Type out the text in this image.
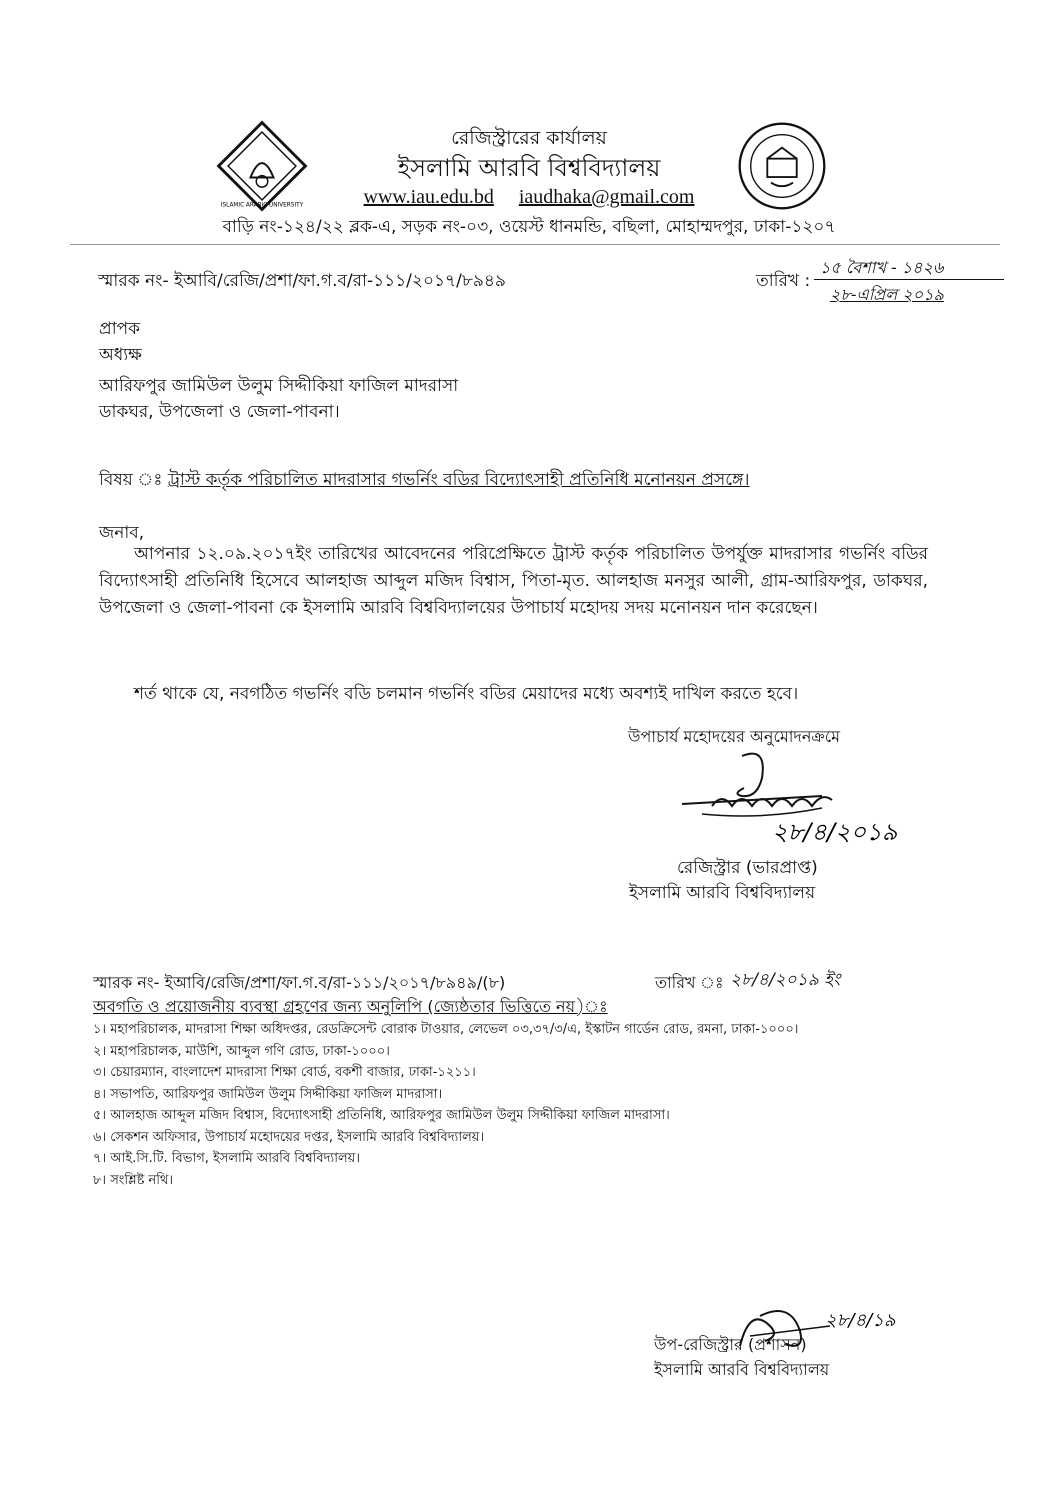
ISLAMIC ARABIC UNIVERSITY
রেজিস্ট্রারের কার্যালয়
ইসলামি আরবি বিশ্ববিদ্যালয়
www.iau.edu.bd iaudhaka@gmail.com
বাড়ি নং-১২৪/২২ ব্লক-এ, সড়ক নং-০৩, ওয়েস্ট ধানমন্ডি, বছিলা, মোহাম্মদপুর, ঢাকা-১২০৭
স্মারক নং- ইআবি/রেজি/প্রশা/ফা.গ.ব/রা-১১১/২০১৭/৮৯৪৯	তারিখ :
১৫ বৈশাখ - ১৪২৬
২৮-এপ্রিল ২০১৯
প্রাপক
অধ্যক্ষ
আরিফপুর জামিউল উলুম সিদ্দীকিয়া ফাজিল মাদরাসা
ডাকঘর, উপজেলা ও জেলা-পাবনা।
বিষয় ঃ ট্রাস্ট কর্তৃক পরিচালিত মাদরাসার গভর্নিং বডির বিদ্যোৎসাহী প্রতিনিধি মনোনয়ন প্রসঙ্গে।
জনাব,
আপনার ১২.০৯.২০১৭ইং তারিখের আবেদনের পরিপ্রেক্ষিতে ট্রাস্ট কর্তৃক পরিচালিত উপর্যুক্ত মাদরাসার গভর্নিং বডির বিদ্যোৎসাহী প্রতিনিধি হিসেবে আলহাজ আব্দুল মজিদ বিশ্বাস, পিতা-মৃত. আলহাজ মনসুর আলী, গ্রাম-আরিফপুর, ডাকঘর, উপজেলা ও জেলা-পাবনা কে ইসলামি আরবি বিশ্ববিদ্যালয়ের উপাচার্য মহোদয় সদয় মনোনয়ন দান করেছেন।
শর্ত থাকে যে, নবগঠিত গভর্নিং বডি চলমান গভর্নিং বডির মেয়াদের মধ্যে অবশ্যই দাখিল করতে হবে।
উপাচার্য মহোদয়ের অনুমোদনক্রমে
২৮/৪/২০১৯
রেজিস্ট্রার (ভারপ্রাপ্ত)
ইসলামি আরবি বিশ্ববিদ্যালয়
স্মারক নং- ইআবি/রেজি/প্রশা/ফা.গ.ব/রা-১১১/২০১৭/৮৯৪৯/(৮)	তারিখ ঃ ২৮/৪/২০১৯ ইং
অবগতি ও প্রয়োজনীয় ব্যবস্থা গ্রহণের জন্য অনুলিপি (জ্যেষ্ঠতার ভিত্তিতে নয়)ঃ
১। মহাপরিচালক, মাদরাসা শিক্ষা অধিদপ্তর, রেডক্রিসেন্ট বোরাক টাওয়ার, লেভেল ০৩,৩৭/৩/এ, ইস্কাটন গার্ডেন রোড, রমনা, ঢাকা-১০০০।
২। মহাপরিচালক, মাউশি, আব্দুল গণি রোড, ঢাকা-১০০০।
৩। চেয়ারম্যান, বাংলাদেশ মাদরাসা শিক্ষা বোর্ড, বকশী বাজার, ঢাকা-১২১১।
৪। সভাপতি, আরিফপুর জামিউল উলুম সিদ্দীকিয়া ফাজিল মাদরাসা।
৫। আলহাজ আব্দুল মজিদ বিশ্বাস, বিদ্যোৎসাহী প্রতিনিধি, আরিফপুর জামিউল উলুম সিদ্দীকিয়া ফাজিল মাদরাসা।
৬। সেকশন অফিসার, উপাচার্য মহোদয়ের দপ্তর, ইসলামি আরবি বিশ্ববিদ্যালয়।
৭। আই.সি.টি. বিভাগ, ইসলামি আরবি বিশ্ববিদ্যালয়।
৮। সংশ্লিষ্ট নথি।
২৮/৪/১৯
উপ-রেজিস্ট্রার (প্রশাসন)
ইসলামি আরবি বিশ্ববিদ্যালয়
